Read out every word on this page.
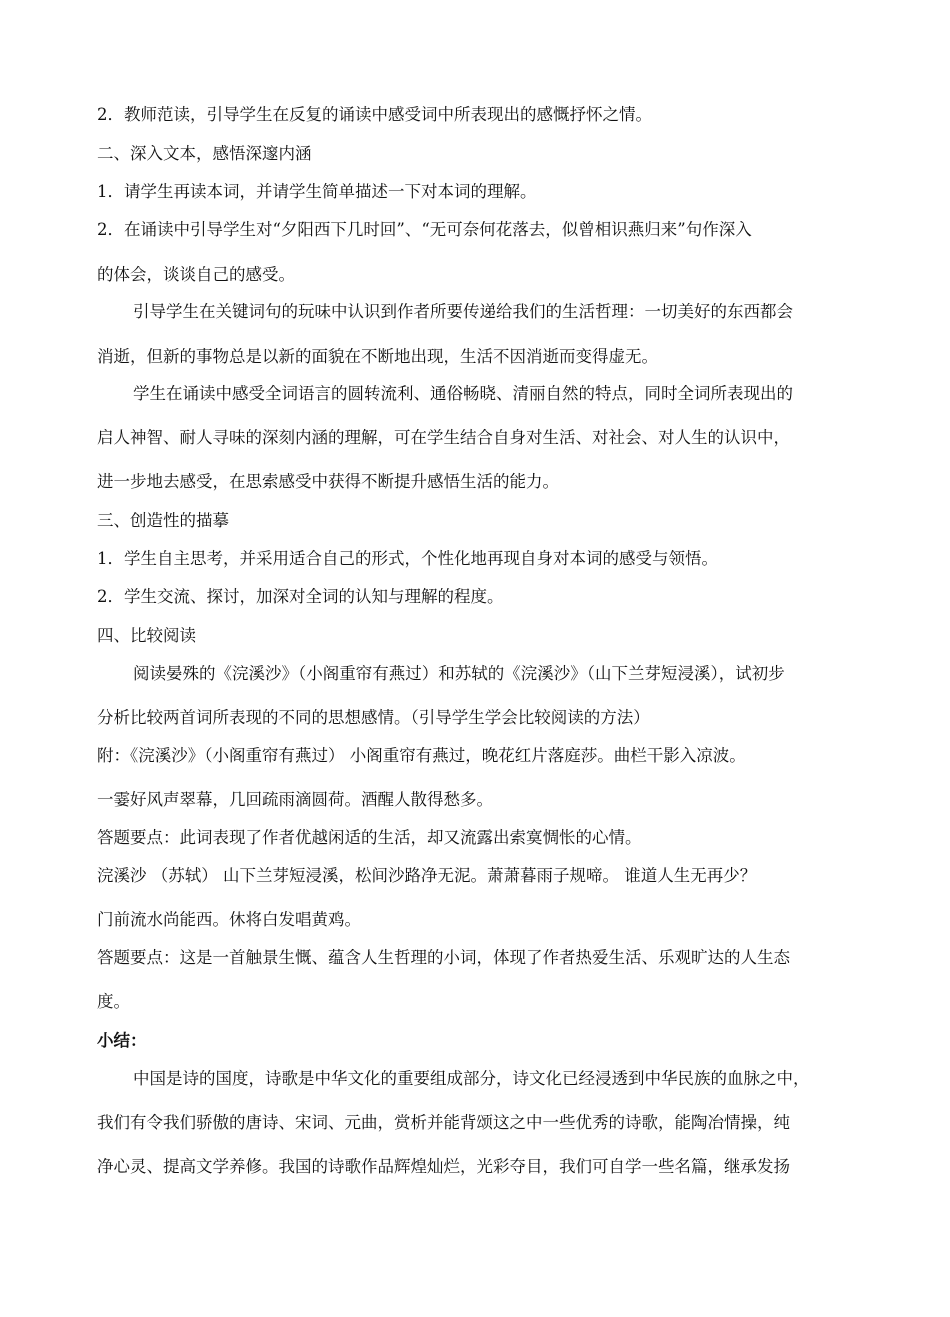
2．教师范读，引导学生在反复的诵读中感受词中所表现出的感慨抒怀之情。
二、深入文本，感悟深邃内涵
1．请学生再读本词，并请学生简单描述一下对本词的理解。
2．在诵读中引导学生对“夕阳西下几时回”、“无可奈何花落去，似曾相识燕归来”句作深入
的体会，谈谈自己的感受。
引导学生在关键词句的玩味中认识到作者所要传递给我们的生活哲理：一切美好的东西都会
消逝，但新的事物总是以新的面貌在不断地出现，生活不因消逝而变得虚无。
学生在诵读中感受全词语言的圆转流利、通俗畅晓、清丽自然的特点，同时全词所表现出的
启人神智、耐人寻味的深刻内涵的理解，可在学生结合自身对生活、对社会、对人生的认识中，
进一步地去感受，在思索感受中获得不断提升感悟生活的能力。
三、创造性的描摹
1．学生自主思考，并采用适合自己的形式，个性化地再现自身对本词的感受与领悟。
2．学生交流、探讨，加深对全词的认知与理解的程度。
四、比较阅读
阅读晏殊的《浣溪沙》（小阁重帘有燕过）和苏轼的《浣溪沙》（山下兰芽短浸溪），试初步
分析比较两首词所表现的不同的思想感情。（引导学生学会比较阅读的方法）
附：《浣溪沙》（小阁重帘有燕过） 小阁重帘有燕过，晚花红片落庭莎。曲栏干影入凉波。
一霎好风声翠幕，几回疏雨滴圆荷。酒醒人散得愁多。
答题要点：此词表现了作者优越闲适的生活，却又流露出索寞惆怅的心情。
浣溪沙 （苏轼） 山下兰芽短浸溪，松间沙路净无泥。萧萧暮雨子规啼。 谁道人生无再少？
门前流水尚能西。休将白发唱黄鸡。
答题要点：这是一首触景生慨、蕴含人生哲理的小词，体现了作者热爱生活、乐观旷达的人生态
度。
小结：
中国是诗的国度，诗歌是中华文化的重要组成部分，诗文化已经浸透到中华民族的血脉之中，
我们有令我们骄傲的唐诗、宋词、元曲，赏析并能背颂这之中一些优秀的诗歌，能陶冶情操，纯
净心灵、提高文学养修。我国的诗歌作品辉煌灿烂，光彩夺目，我们可自学一些名篇，继承发扬
